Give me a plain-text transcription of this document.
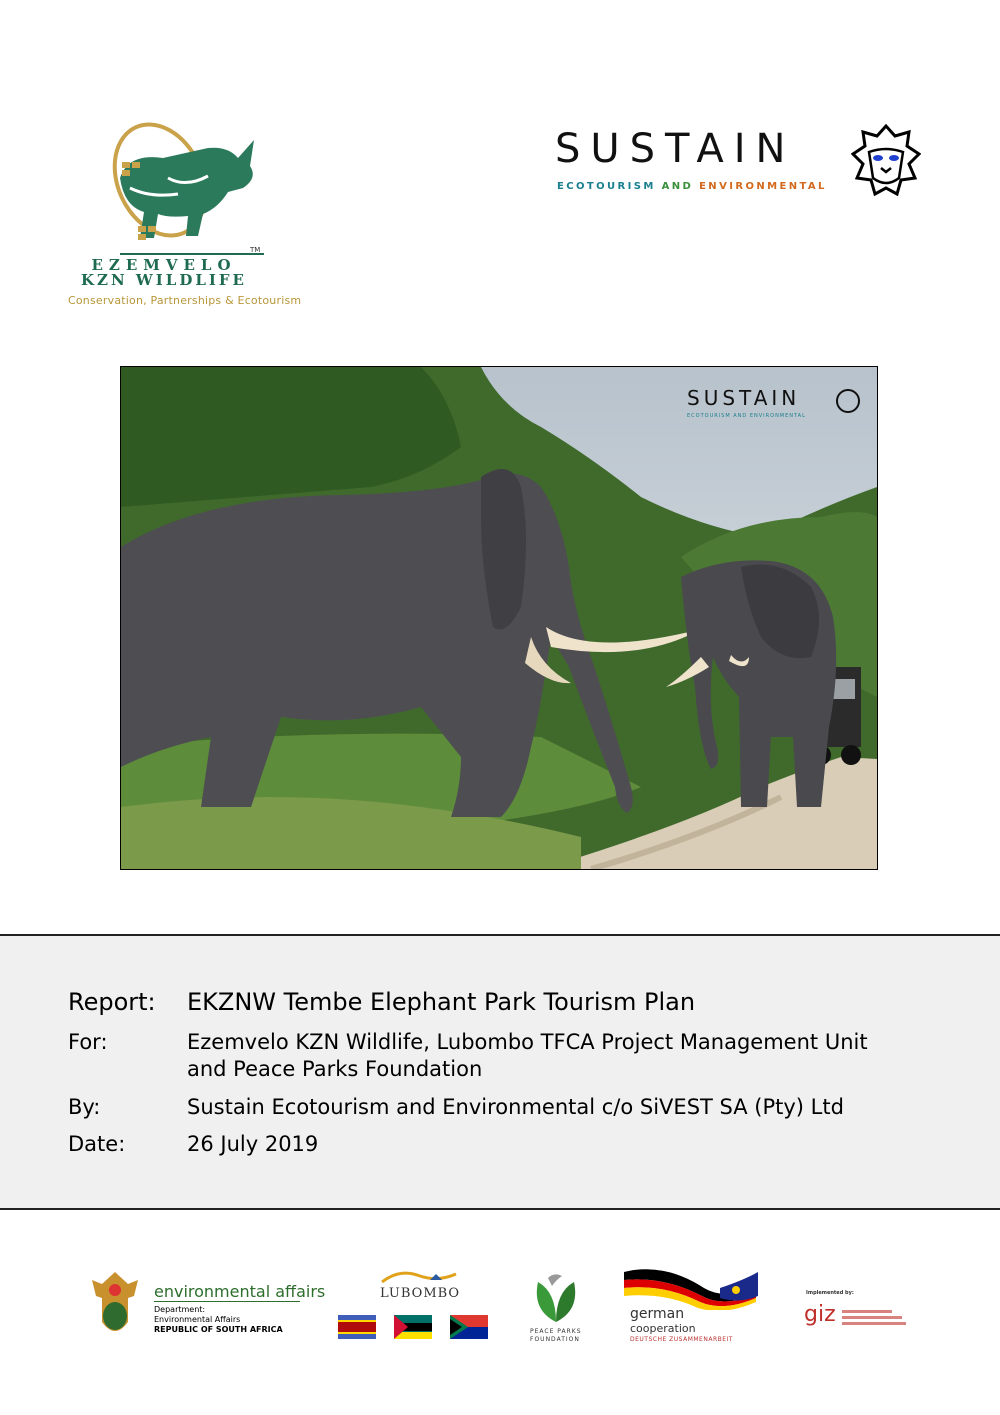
TM
EZEMVELO
KZN WILDLIFE
Conservation, Partnerships & Ecotourism
SUSTAIN
ECOTOURISM AND ENVIRONMENTAL
SUSTAIN
ECOTOURISM AND ENVIRONMENTAL
Report: EKZNW Tembe Elephant Park Tourism Plan
For:	Ezemvelo KZN Wildlife, Lubombo TFCA Project Management Unit
and Peace Parks Foundation
By:	Sustain Ecotourism and Environmental c/o SiVEST SA (Pty) Ltd
Date:	26 July 2019
environmental affairs
Department:
Environmental Affairs
REPUBLIC OF SOUTH AFRICA
LUBOMBO
PEACE PARKS
FOUNDATION
german
cooperation
DEUTSCHE ZUSAMMENARBEIT
Implemented by:
giz
